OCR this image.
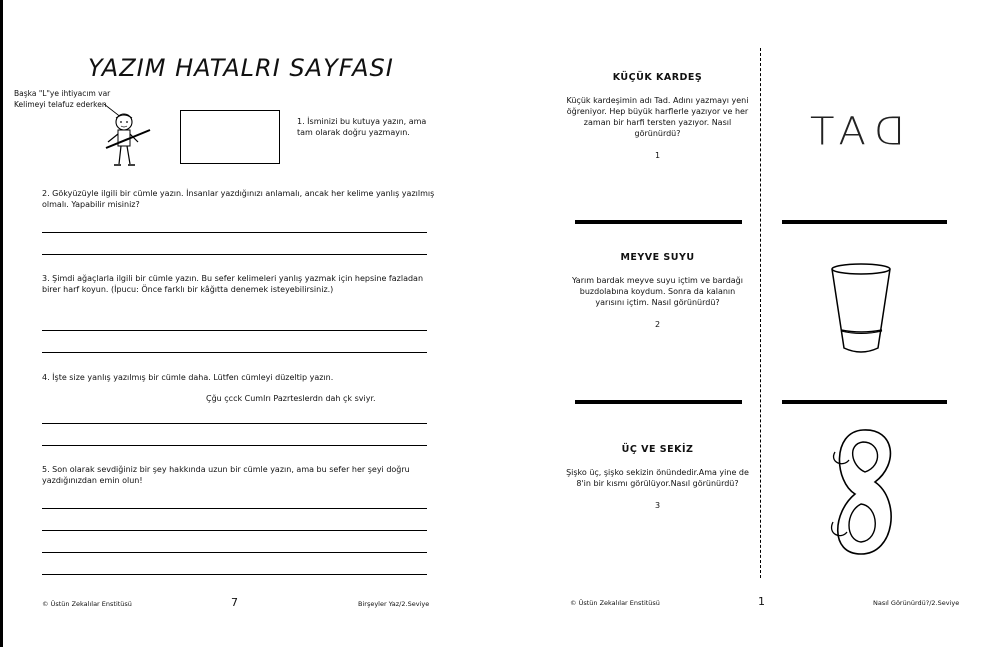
YAZIM HATALRI SAYFASI
Başka "L"ye ihtiyacım var
Kelimeyi telafuz ederken
1. İsminizi bu kutuya yazın, ama tam olarak doğru yazmayın.
2. Gökyüzüyle ilgili bir cümle yazın. İnsanlar yazdığınızı anlamalı, ancak her kelime yanlış yazılmış olmalı. Yapabilir misiniz?
3. Şimdi ağaçlarla ilgili bir cümle yazın. Bu sefer kelimeleri yanlış yazmak için hepsine fazladan birer harf koyun. (İpucu: Önce farklı bir kâğıtta denemek isteyebilirsiniz.)
4. İşte size yanlış yazılmış bir cümle daha. Lütfen cümleyi düzeltip yazın.
Çğu çcck Cumlrı Pazrteslerdn dah çk sviyr.
5. Son olarak sevdiğiniz bir şey hakkında uzun bir cümle yazın, ama bu sefer her şeyi doğru yazdığınızdan emin olun!
© Üstün Zekalılar Enstitüsü	7	Birşeyler Yaz/2.Seviye
KÜÇÜK KARDEŞ
Küçük kardeşimin adı Tad. Adını yazmayı yeni öğreniyor. Hep büyük harflerle yazıyor ve her zaman bir harfi tersten yazıyor. Nasıl görünürdü?
1
TAD
MEYVE SUYU
Yarım bardak meyve suyu içtim ve bardağı buzdolabına koydum. Sonra da kalanın yarısını içtim. Nasıl görünürdü?
2
ÜÇ VE SEKİZ
Şişko üç, şişko sekizin önündedir.Ama yine de 8'in bir kısmı görülüyor.Nasıl görünürdü?
3
© Üstün Zekalılar Enstitüsü	1	Nasıl Görünürdü?/2.Seviye
